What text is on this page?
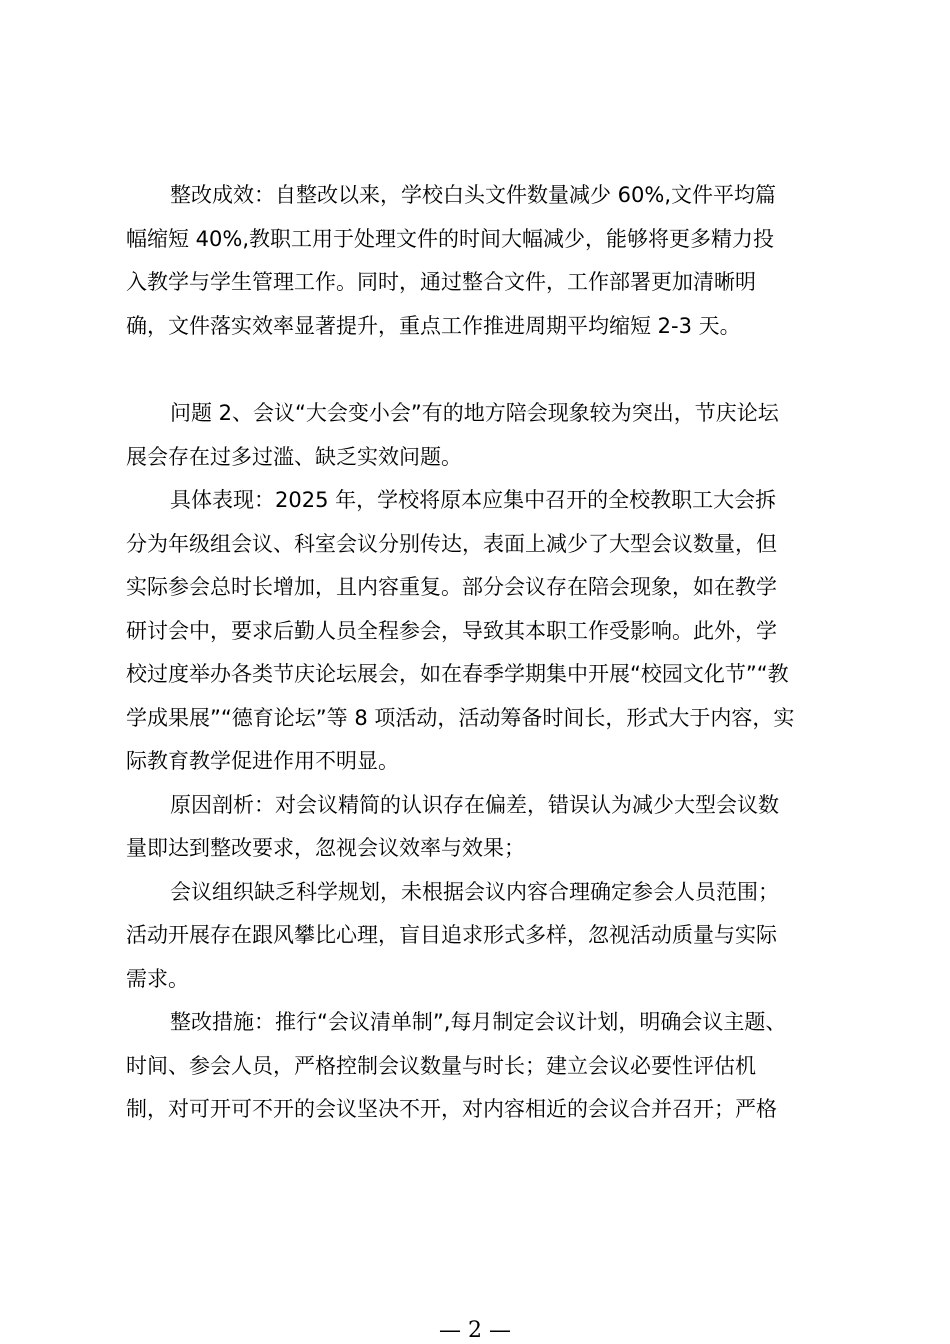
整改成效：自整改以来，学校白头文件数量减少 60%,文件平均篇
幅缩短 40%,教职工用于处理文件的时间大幅减少，能够将更多精力投
入教学与学生管理工作。同时，通过整合文件，工作部署更加清晰明
确，文件落实效率显著提升，重点工作推进周期平均缩短 2-3 天。
问题 2、会议“大会变小会”有的地方陪会现象较为突出，节庆论坛
展会存在过多过滥、缺乏实效问题。
具体表现：2025 年，学校将原本应集中召开的全校教职工大会拆
分为年级组会议、科室会议分别传达，表面上减少了大型会议数量，但
实际参会总时长增加，且内容重复。部分会议存在陪会现象，如在教学
研讨会中，要求后勤人员全程参会，导致其本职工作受影响。此外，学
校过度举办各类节庆论坛展会，如在春季学期集中开展“校园文化节”“教
学成果展”“德育论坛”等 8 项活动，活动筹备时间长，形式大于内容，实
际教育教学促进作用不明显。
原因剖析：对会议精简的认识存在偏差，错误认为减少大型会议数
量即达到整改要求，忽视会议效率与效果；
会议组织缺乏科学规划，未根据会议内容合理确定参会人员范围；
活动开展存在跟风攀比心理，盲目追求形式多样，忽视活动质量与实际
需求。
整改措施：推行“会议清单制”,每月制定会议计划，明确会议主题、
时间、参会人员，严格控制会议数量与时长；建立会议必要性评估机
制，对可开可不开的会议坚决不开，对内容相近的会议合并召开；严格
— 2 —
